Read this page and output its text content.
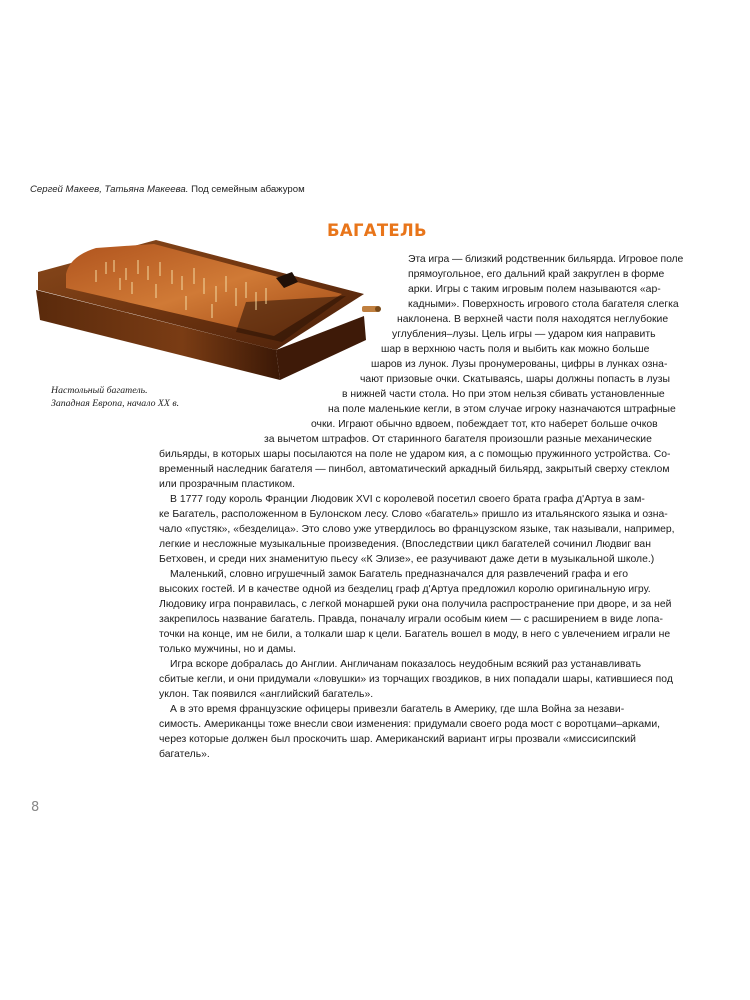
Сергей Макеев, Татьяна Макеева. Под семейным абажуром
БАГАТЕЛЬ
Настольный багатель.
Западная Европа, начало XX в.
Эта игра — близкий родственник бильярда. Игровое поле
прямоугольное, его дальний край закруглен в форме
арки. Игры с таким игровым полем называются «ар-
кадными». Поверхность игрового стола багателя слегка
наклонена. В верхней части поля находятся неглубокие
углубления–лузы. Цель игры — ударом кия направить
шар в верхнюю часть поля и выбить как можно больше
шаров из лунок. Лузы пронумерованы, цифры в лунках озна-
чают призовые очки. Скатываясь, шары должны попасть в лузы
в нижней части стола. Но при этом нельзя сбивать установленные
на поле маленькие кегли, в этом случае игроку назначаются штрафные
очки. Играют обычно вдвоем, побеждает тот, кто наберет больше очков
за вычетом штрафов. От старинного багателя произошли разные механические
бильярды, в которых шары посылаются на поле не ударом кия, а с помощью пружинного устройства. Со-
временный наследник багателя — пинбол, автоматический аркадный бильярд, закрытый сверху стеклом
или прозрачным пластиком.
В 1777 году король Франции Людовик XVI с королевой посетил своего брата графа д'Артуа в зам-
ке Багатель, расположенном в Булонском лесу. Слово «багатель» пришло из итальянского языка и озна-
чало «пустяк», «безделица». Это слово уже утвердилось во французском языке, так называли, например,
легкие и несложные музыкальные произведения. (Впоследствии цикл багателей сочинил Людвиг ван
Бетховен, и среди них знаменитую пьесу «К Элизе», ее разучивают даже дети в музыкальной школе.)
Маленький, словно игрушечный замок Багатель предназначался для развлечений графа и его
высоких гостей. И в качестве одной из безделиц граф д'Артуа предложил королю оригинальную игру.
Людовику игра понравилась, с легкой монаршей руки она получила распространение при дворе, и за ней
закрепилось название багатель. Правда, поначалу играли особым кием — с расширением в виде лопа-
точки на конце, им не били, а толкали шар к цели. Багатель вошел в моду, в него с увлечением играли не
только мужчины, но и дамы.
Игра вскоре добралась до Англии. Англичанам показалось неудобным всякий раз устанавливать
сбитые кегли, и они придумали «ловушки» из торчащих гвоздиков, в них попадали шары, катившиеся под
уклон. Так появился «английский багатель».
А в это время французские офицеры привезли багатель в Америку, где шла Война за незави-
симость. Американцы тоже внесли свои изменения: придумали своего рода мост с воротцами–арками,
через которые должен был проскочить шар. Американский вариант игры прозвали «миссисипский
багатель».
8
